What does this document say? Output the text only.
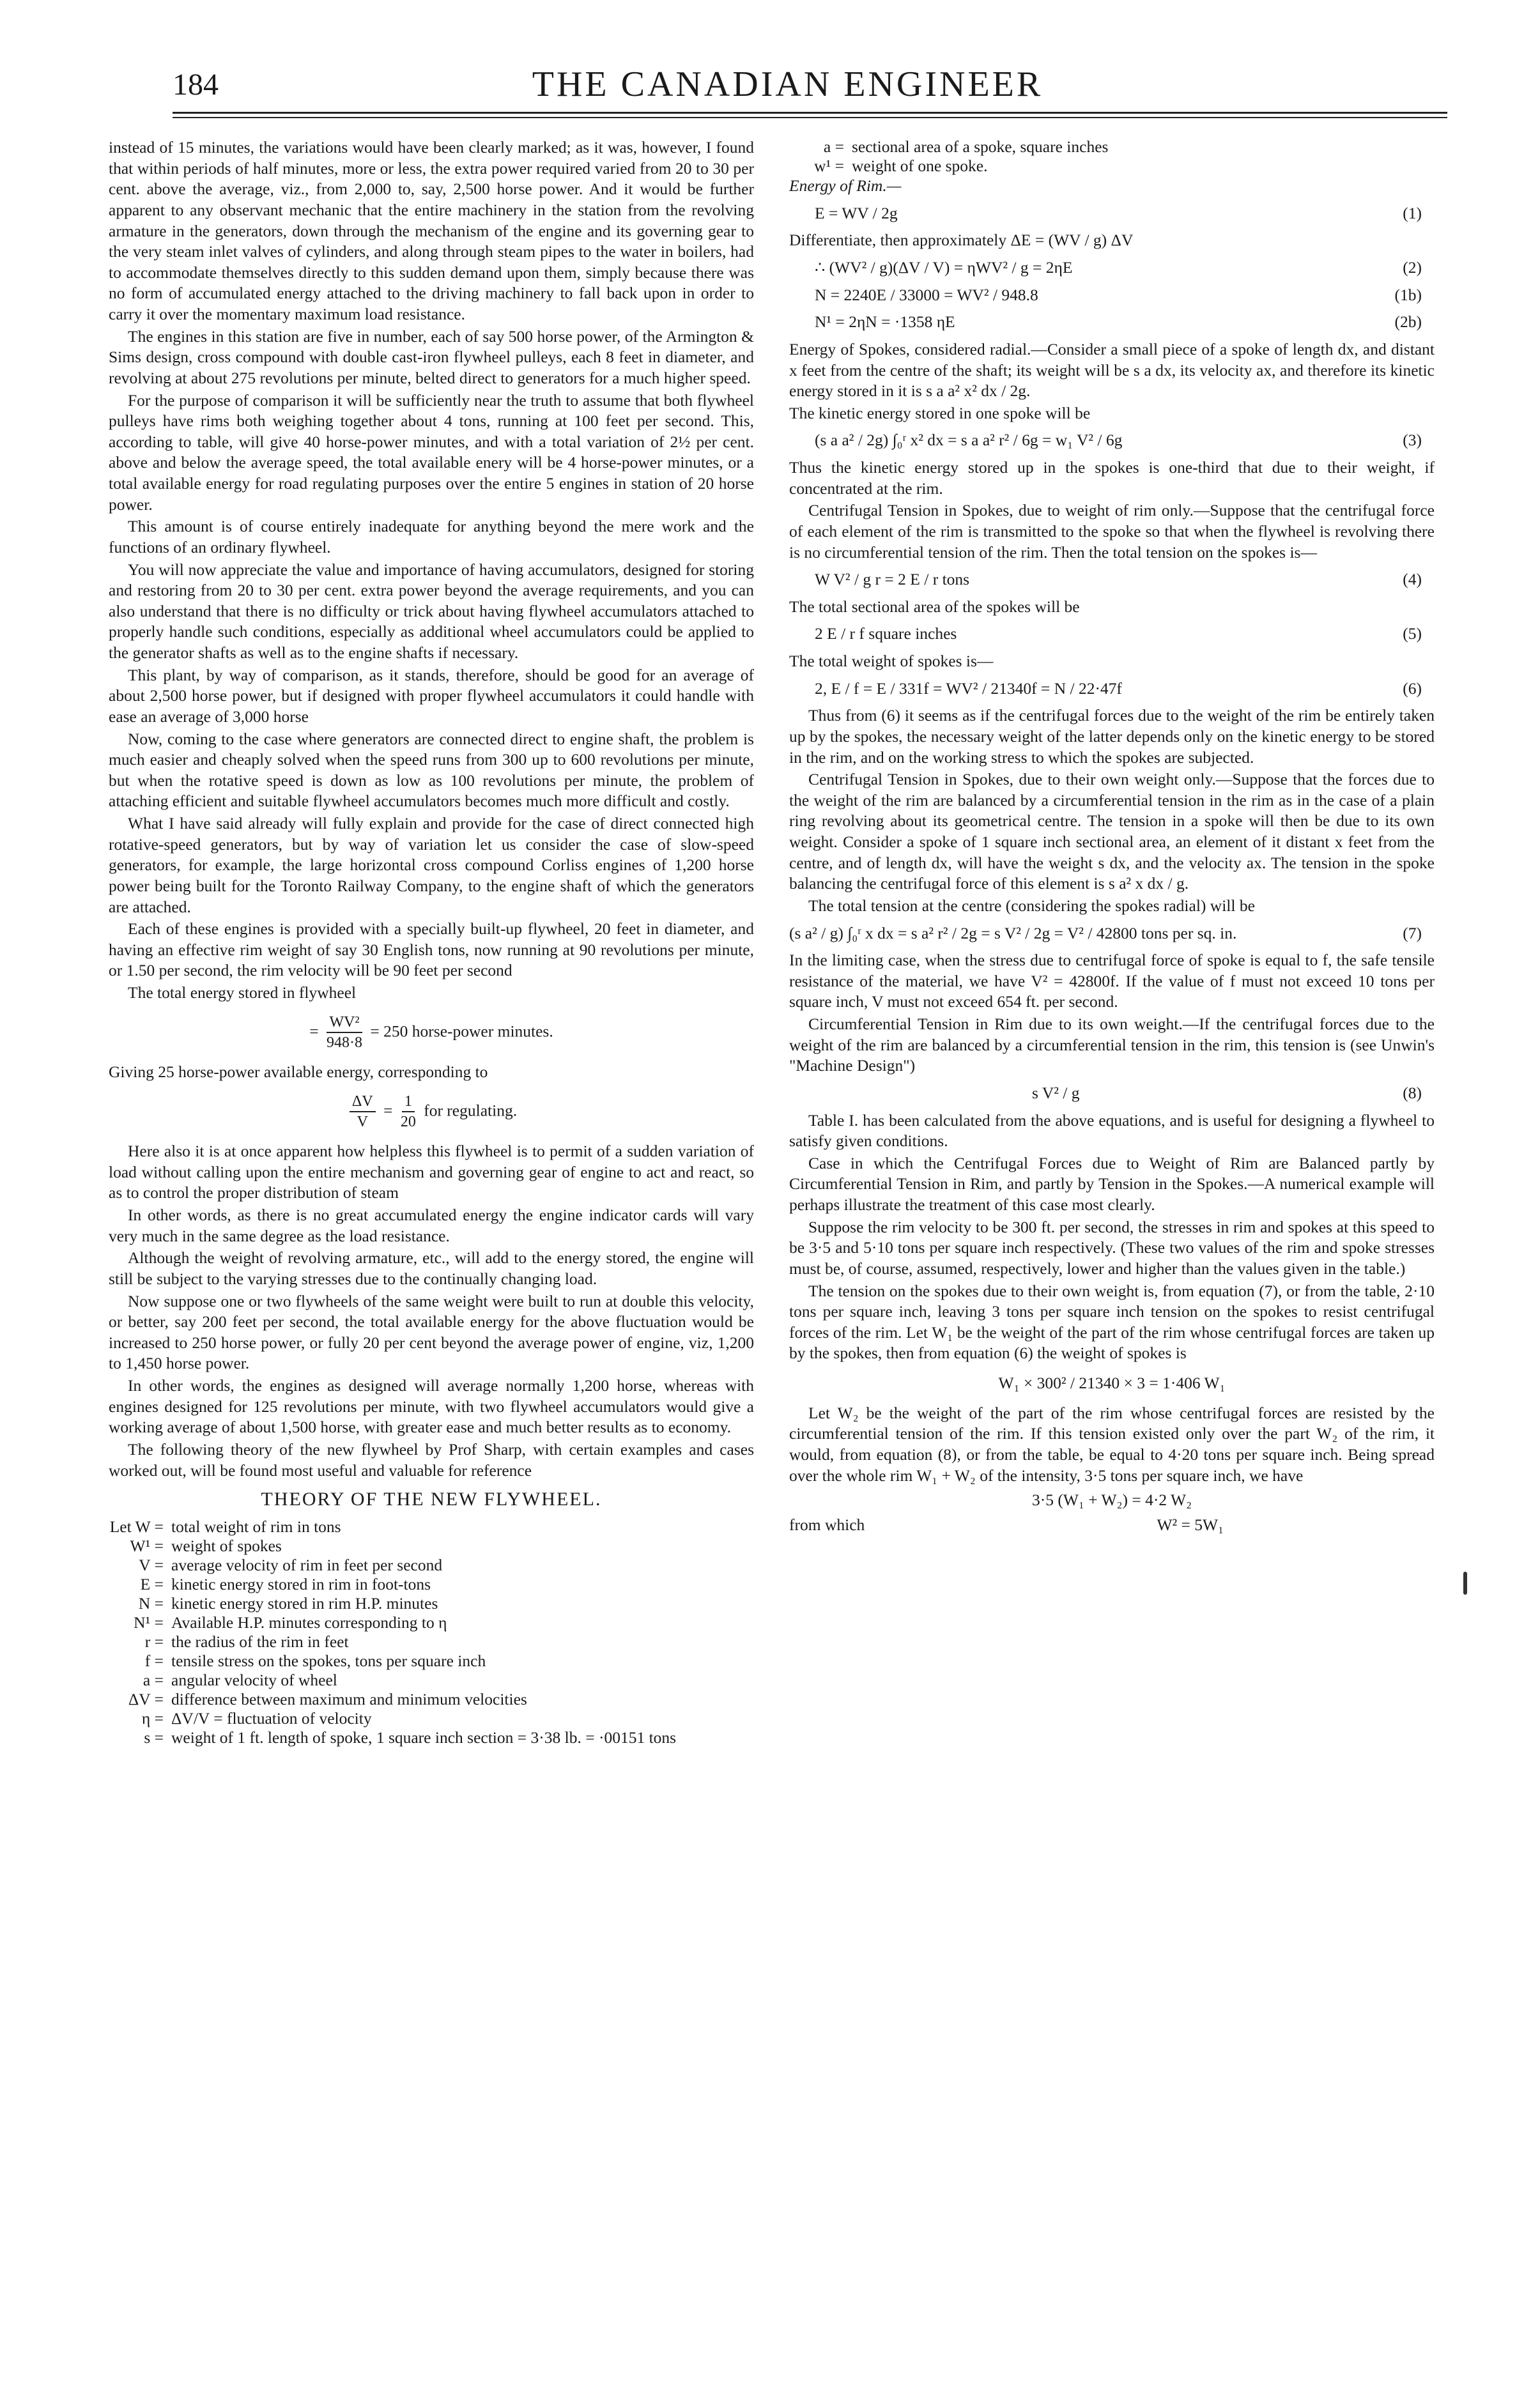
184	THE CANADIAN ENGINEER

instead of 15 minutes, the variations would have been clearly marked; as it was, however, I found that within periods of half minutes, more or less, the extra power required varied from 20 to 30 per cent. above the average, viz., from 2,000 to, say, 2,500 horse power. And it would be further apparent to any observant mechanic that the entire machinery in the station from the revolving armature in the generators, down through the mechanism of the engine and its governing gear to the very steam inlet valves of cylinders, and along through steam pipes to the water in boilers, had to accommodate themselves directly to this sudden demand upon them, simply because there was no form of accumulated energy attached to the driving machinery to fall back upon in order to carry it over the momentary maximum load resistance.

The engines in this station are five in number, each of say 500 horse power, of the Armington & Sims design, cross compound with double cast-iron flywheel pulleys, each 8 feet in diameter, and revolving at about 275 revolutions per minute, belted direct to generators for a much higher speed.

For the purpose of comparison it will be sufficiently near the truth to assume that both flywheel pulleys have rims both weighing together about 4 tons, running at 100 feet per second. This, according to table, will give 40 horse-power minutes, and with a total variation of 2½ per cent. above and below the average speed, the total available enery will be 4 horse-power minutes, or a total available energy for road regulating purposes over the entire 5 engines in station of 20 horse power.

This amount is of course entirely inadequate for anything beyond the mere work and the functions of an ordinary flywheel.

You will now appreciate the value and importance of having accumulators, designed for storing and restoring from 20 to 30 per cent. extra power beyond the average requirements, and you can also understand that there is no difficulty or trick about having flywheel accumulators attached to properly handle such conditions, especially as additional wheel accumulators could be applied to the generator shafts as well as to the engine shafts if necessary.

This plant, by way of comparison, as it stands, therefore, should be good for an average of about 2,500 horse power, but if designed with proper flywheel accumulators it could handle with ease an average of 3,000 horse

Now, coming to the case where generators are connected direct to engine shaft, the problem is much easier and cheaply solved when the speed runs from 300 up to 600 revolutions per minute, but when the rotative speed is down as low as 100 revolutions per minute, the problem of attaching efficient and suitable flywheel accumulators becomes much more difficult and costly.

What I have said already will fully explain and provide for the case of direct connected high rotative-speed generators, but by way of variation let us consider the case of slow-speed generators, for example, the large horizontal cross compound Corliss engines of 1,200 horse power being built for the Toronto Railway Company, to the engine shaft of which the generators are attached.

Each of these engines is provided with a specially built-up flywheel, 20 feet in diameter, and having an effective rim weight of say 30 English tons, now running at 90 revolutions per minute, or 1.50 per second, the rim velocity will be 90 feet per second

The total energy stored in flywheel

= $\frac{\text{WV²}}{948\cdot 8} = 250$ horse-power minutes.

Giving 25 horse-power available energy, corresponding to

$\frac{\Delta V}{V} = \frac{1}{20}$ for regulating.

Here also it is at once apparent how helpless this flywheel is to permit of a sudden variation of load without calling upon the entire mechanism and governing gear of engine to act and react, so as to control the proper distribution of steam

In other words, as there is no great accumulated energy the engine indicator cards will vary very much in the same degree as the load resistance.

Although the weight of revolving armature, etc., will add to the energy stored, the engine will still be subject to the varying stresses due to the continually changing load.

Now suppose one or two flywheels of the same weight were built to run at double this velocity, or better, say 200 feet per second, the total available energy for the above fluctuation would be increased to 250 horse power, or fully 20 per cent beyond the average power of engine, viz, 1,200 to 1,450 horse power.

In other words, the engines as designed will average normally 1,200 horse, whereas with engines designed for 125 revolutions per minute, with two flywheel accumulators would give a working average of about 1,500 horse, with greater ease and much better results as to economy.

The following theory of the new flywheel by Prof Sharp, with certain examples and cases worked out, will be found most useful and valuable for reference

THEORY OF THE NEW FLYWHEEL.
Let W = total weight of rim in tons
W¹ = weight of spokes
V = average velocity of rim in feet per second
E = kinetic energy stored in rim in foot-tons
N = kinetic energy stored in rim H.P. minutes
N¹ = Available H.P. minutes corresponding to η
r = the radius of the rim in feet
f = tensile stress on the spokes, tons per square inch
a = angular velocity of wheel
ΔV = difference between maximum and minimum velocities
η = ΔV/V = fluctuation of velocity
s = weight of 1 ft. length of spoke, 1 square inch section = 3·38 lb. = ·00151 tons
a = sectional area of a spoke, square inches
w¹ = weight of one spoke.
Energy of Rim.—
E = WV / 2g	(1)
Differentiate, then approximately ΔE = (WV / g) ΔV
∴ (WV² / g)(ΔV / V) = ηWV² / g = 2ηE	(2)
N = 2240E / 33000 = WV² / 948.8	(1b)
N¹ = 2ηN = ·1358 ηE	(2b)

Energy of Spokes, considered radial.—Consider a small piece of a spoke of length dx, and distant x feet from the centre of the shaft; its weight will be s a dx, its velocity ax, and therefore its kinetic energy stored in it is s a a² x² dx / 2g.

The kinetic energy stored in one spoke will be

(s a a² / 2g) ∫₀ʳ x² dx = s a a² r² / 6g = w₁ V² / 6g	(3)

Thus the kinetic energy stored up in the spokes is one-third that due to their weight, if concentrated at the rim.

Centrifugal Tension in Spokes, due to weight of rim only.—Suppose that the centrifugal force of each element of the rim is transmitted to the spoke so that when the flywheel is revolving there is no circumferential tension of the rim. Then the total tension on the spokes is—

W V² / g r = 2 E / r tons	(4)

The total sectional area of the spokes will be

2 E / r f square inches	(5)

The total weight of spokes is—

2, E / f = E / 331f = WV² / 21340f = N / 22·47f	(6)

Thus from (6) it seems as if the centrifugal forces due to the weight of the rim be entirely taken up by the spokes, the necessary weight of the latter depends only on the kinetic energy to be stored in the rim, and on the working stress to which the spokes are subjected.

Centrifugal Tension in Spokes, due to their own weight only.—Suppose that the forces due to the weight of the rim are balanced by a circumferential tension in the rim as in the case of a plain ring revolving about its geometrical centre. The tension in a spoke will then be due to its own weight. Consider a spoke of 1 square inch sectional area, an element of it distant x feet from the centre, and of length dx, will have the weight s dx, and the velocity ax. The tension in the spoke balancing the centrifugal force of this element is s a² x dx / g.

The total tension at the centre (considering the spokes radial) will be

(s a² / g) ∫₀ʳ x dx = s a² r² / 2g = s V² / 2g = V² / 42800 tons per sq. in.	(7)

In the limiting case, when the stress due to centrifugal force of spoke is equal to f, the safe tensile resistance of the material, we have V² = 42800f. If the value of f must not exceed 10 tons per square inch, V must not exceed 654 ft. per second.

Circumferential Tension in Rim due to its own weight.—If the centrifugal forces due to the weight of the rim are balanced by a circumferential tension in the rim, this tension is (see Unwin's "Machine Design")

s V² / g	(8)

Table I. has been calculated from the above equations, and is useful for designing a flywheel to satisfy given conditions.

Case in which the Centrifugal Forces due to Weight of Rim are Balanced partly by Circumferential Tension in Rim, and partly by Tension in the Spokes.—A numerical example will perhaps illustrate the treatment of this case most clearly.

Suppose the rim velocity to be 300 ft. per second, the stresses in rim and spokes at this speed to be 3·5 and 5·10 tons per square inch respectively. (These two values of the rim and spoke stresses must be, of course, assumed, respectively, lower and higher than the values given in the table.)

The tension on the spokes due to their own weight is, from equation (7), or from the table, 2·10 tons per square inch, leaving 3 tons per square inch tension on the spokes to resist centrifugal forces of the rim. Let W₁ be the weight of the part of the rim whose centrifugal forces are taken up by the spokes, then from equation (6) the weight of spokes is

W₁ × 300² / 21340 × 3 = 1·406 W₁

Let W₂ be the weight of the part of the rim whose centrifugal forces are resisted by the circumferential tension of the rim. If this tension existed only over the part W₂ of the rim, it would, from equation (8), or from the table, be equal to 4·20 tons per square inch. Being spread over the whole rim W₁ + W₂ of the intensity, 3·5 tons per square inch, we have

3·5 (W₁ + W₂) = 4·2 W₂
from which	W² = 5W₁
